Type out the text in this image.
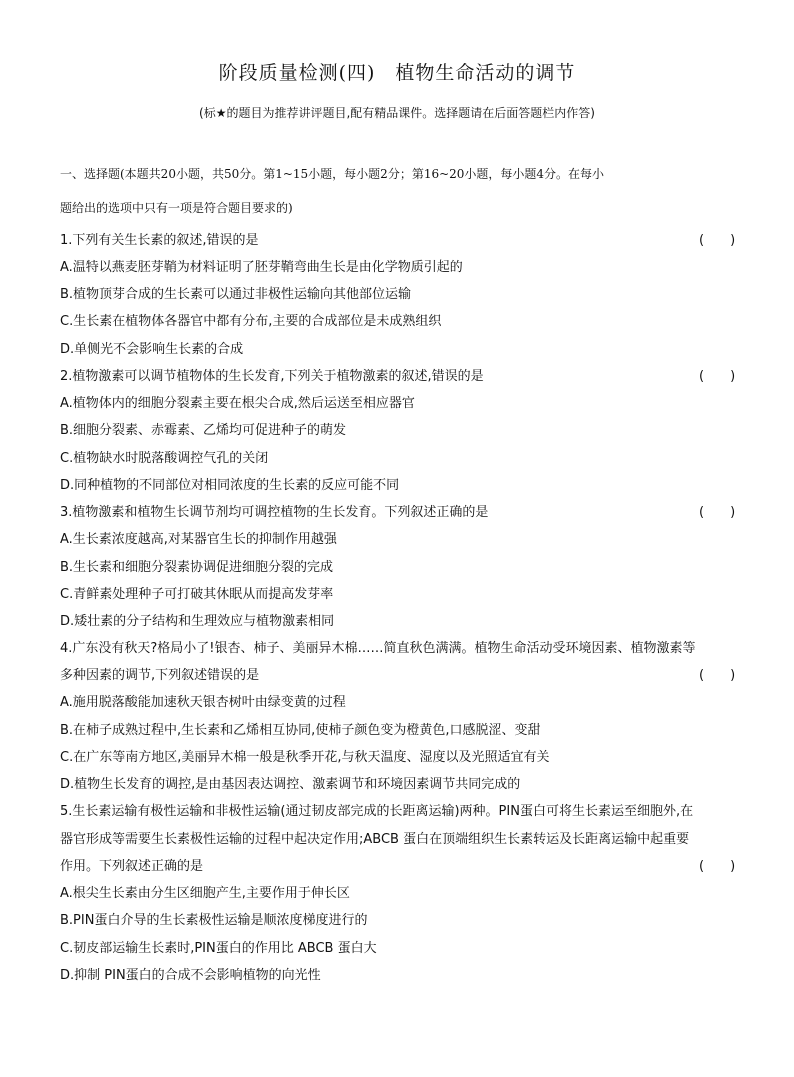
阶段质量检测(四)　植物生命活动的调节
(标★的题目为推荐讲评题目,配有精品课件。选择题请在后面答题栏内作答)
一、选择题(本题共20小题，共50分。第1~15小题，每小题2分；第16~20小题，每小题4分。在每小
题给出的选项中只有一项是符合题目要求的)
1.下列有关生长素的叙述,错误的是	(　　)
A.温特以燕麦胚芽鞘为材料证明了胚芽鞘弯曲生长是由化学物质引起的
B.植物顶芽合成的生长素可以通过非极性运输向其他部位运输
C.生长素在植物体各器官中都有分布,主要的合成部位是未成熟组织
D.单侧光不会影响生长素的合成
2.植物激素可以调节植物体的生长发育,下列关于植物激素的叙述,错误的是	(　　)
A.植物体内的细胞分裂素主要在根尖合成,然后运送至相应器官
B.细胞分裂素、赤霉素、乙烯均可促进种子的萌发
C.植物缺水时脱落酸调控气孔的关闭
D.同种植物的不同部位对相同浓度的生长素的反应可能不同
3.植物激素和植物生长调节剂均可调控植物的生长发育。下列叙述正确的是	(　　)
A.生长素浓度越高,对某器官生长的抑制作用越强
B.生长素和细胞分裂素协调促进细胞分裂的完成
C.青鲜素处理种子可打破其休眠从而提高发芽率
D.矮壮素的分子结构和生理效应与植物激素相同
4.广东没有秋天?格局小了!银杏、柿子、美丽异木棉……简直秋色满满。植物生命活动受环境因素、植物激素等
多种因素的调节,下列叙述错误的是	(　　)
A.施用脱落酸能加速秋天银杏树叶由绿变黄的过程
B.在柿子成熟过程中,生长素和乙烯相互协同,使柿子颜色变为橙黄色,口感脱涩、变甜
C.在广东等南方地区,美丽异木棉一般是秋季开花,与秋天温度、湿度以及光照适宜有关
D.植物生长发育的调控,是由基因表达调控、激素调节和环境因素调节共同完成的
5.生长素运输有极性运输和非极性运输(通过韧皮部完成的长距离运输)两种。PIN蛋白可将生长素运至细胞外,在
器官形成等需要生长素极性运输的过程中起决定作用;ABCB 蛋白在顶端组织生长素转运及长距离运输中起重要
作用。下列叙述正确的是	(　　)
A.根尖生长素由分生区细胞产生,主要作用于伸长区
B.PIN蛋白介导的生长素极性运输是顺浓度梯度进行的
C.韧皮部运输生长素时,PIN蛋白的作用比 ABCB 蛋白大
D.抑制 PIN蛋白的合成不会影响植物的向光性
